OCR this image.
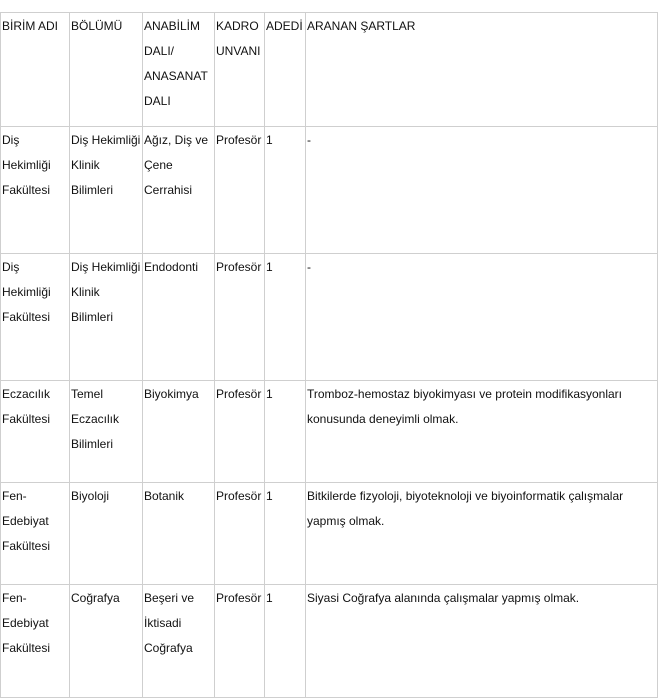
BİRİM ADI	BÖLÜMÜ	ANABİLİM DALI/ ANASANAT DALI	KADRO UNVANI	ADEDİ	ARANAN ŞARTLAR
Diş Hekimliği Fakültesi	Diş Hekimliği Klinik Bilimleri	Ağız, Diş ve Çene Cerrahisi	Profesör	1	-
Diş Hekimliği Fakültesi	Diş Hekimliği Klinik Bilimleri	Endodonti	Profesör	1	-
Eczacılık Fakültesi	Temel Eczacılık Bilimleri	Biyokimya	Profesör	1	Tromboz-hemostaz biyokimyası ve protein modifikasyonları konusunda deneyimli olmak.
Fen-Edebiyat Fakültesi	Biyoloji	Botanik	Profesör	1	Bitkilerde fizyoloji, biyoteknoloji ve biyoinformatik çalışmalar yapmış olmak.
Fen-Edebiyat Fakültesi	Coğrafya	Beşeri ve İktisadi Coğrafya	Profesör	1	Siyasi Coğrafya alanında çalışmalar yapmış olmak.
